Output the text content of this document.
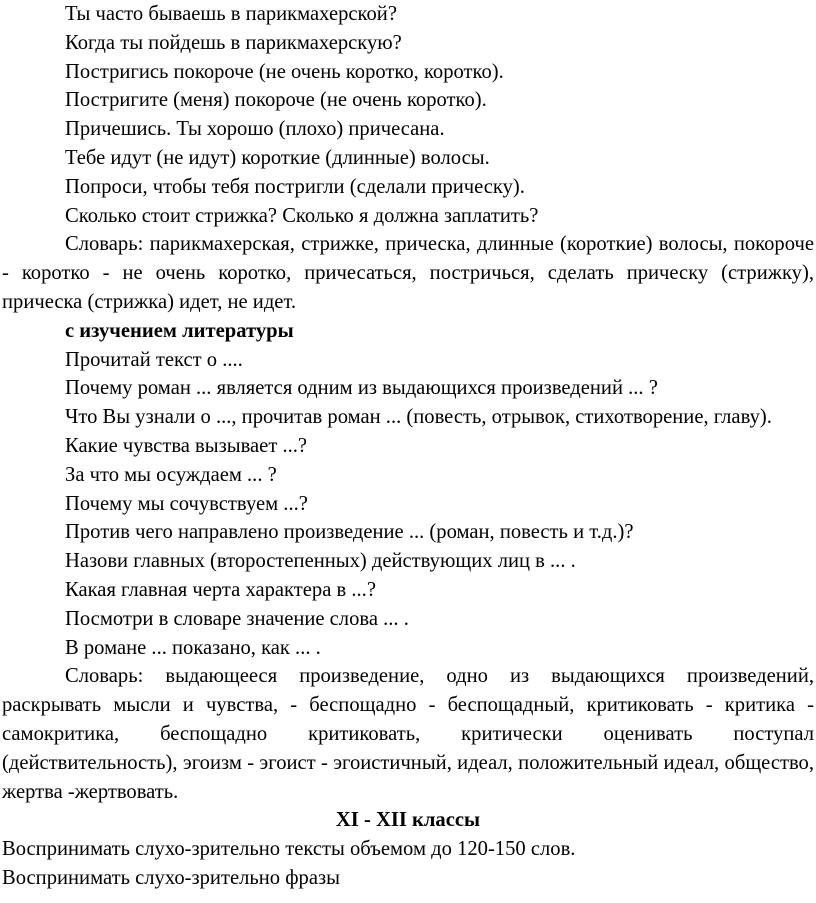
Ты часто бываешь в парикмахерской?

Когда ты пойдешь в парикмахерскую?

Постригись покороче (не очень коротко, коротко).

Постригите (меня) покороче (не очень коротко).

Причешись. Ты хорошо (плохо) причесана.

Тебе идут (не идут) короткие (длинные) волосы.

Попроси, чтобы тебя постригли (сделали прическу).

Сколько стоит стрижка? Сколько я должна заплатить?

Словарь: парикмахерская, стрижке, прическа, длинные (короткие) волосы, покороче - коротко - не очень коротко, причесаться, постричься, сделать прическу (стрижку), прическа (стрижка) идет, не идет.

с изучением литературы

Прочитай текст о ....

Почему роман ... является одним из выдающихся произведений ... ?

Что Вы узнали о ..., прочитав роман ... (повесть, отрывок, стихотворение, главу).

Какие чувства вызывает ...?

За что мы осуждаем ... ?

Почему мы сочувствуем ...?

Против чего направлено произведение ... (роман, повесть и т.д.)?

Назови главных (второстепенных) действующих лиц в ... .

Какая главная черта характера в ...?

Посмотри в словаре значение слова ... .

В романе ... показано, как ... .

Словарь: выдающееся произведение, одно из выдающихся произведений, раскрывать мысли и чувства, - беспощадно - беспощадный, критиковать - критика - самокритика, беспощадно критиковать, критически оценивать поступал (действительность), эгоизм - эгоист - эгоистичный, идеал, положительный идеал, общество, жертва -жертвовать.

XI - XII классы

Воспринимать слухо-зрительно тексты объемом до 120-150 слов.

Воспринимать слухо-зрительно фразы
